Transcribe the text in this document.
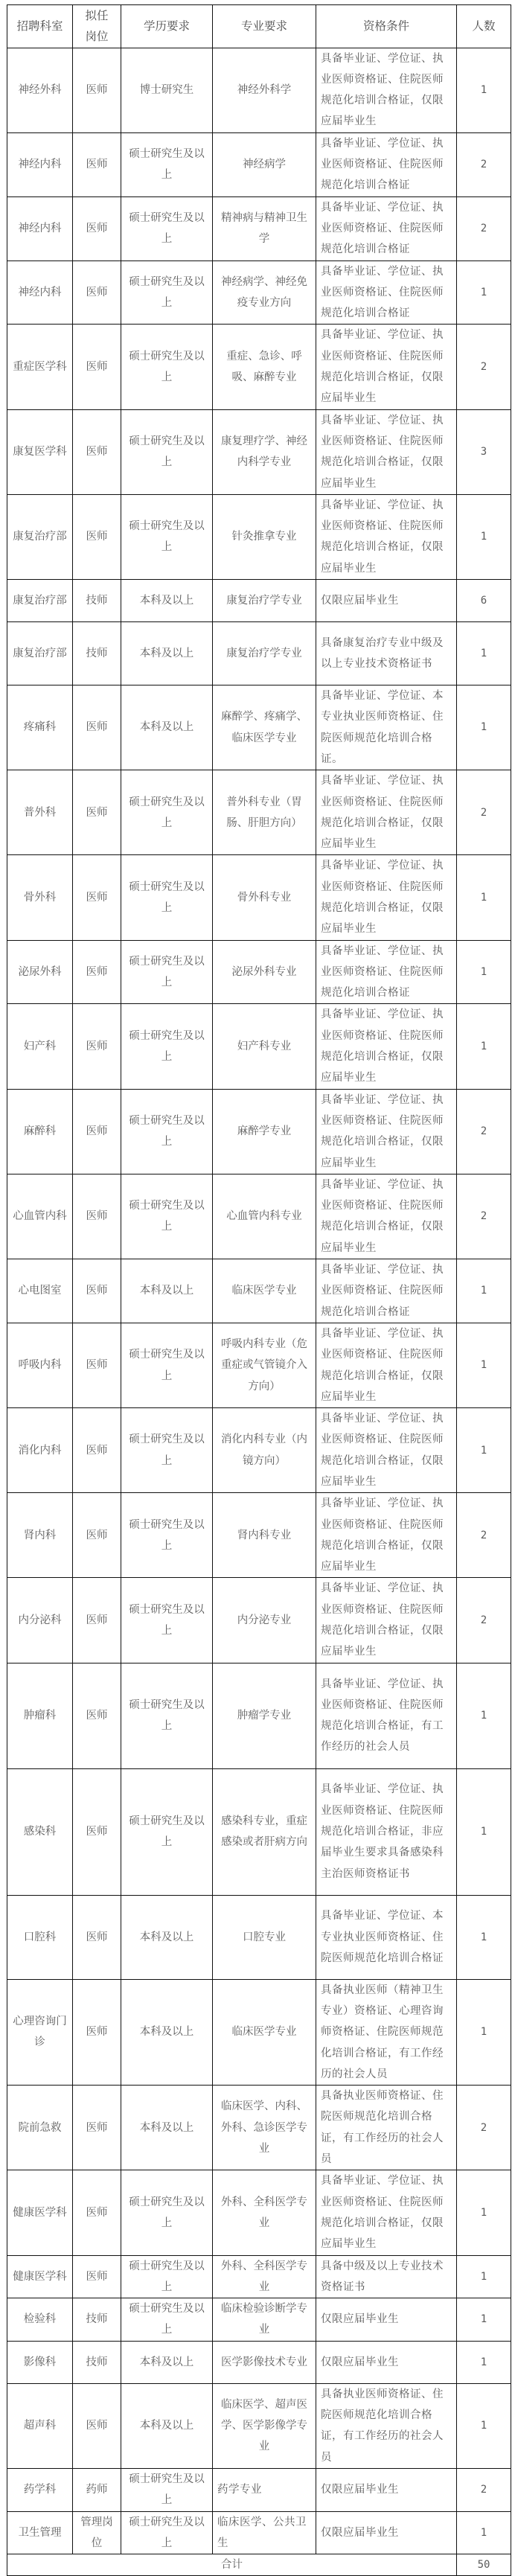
招聘科室	拟任岗位	学历要求	专业要求	资格条件	人数
神经外科	医师	博士研究生	神经外科学	具备毕业证、学位证、执业医师资格证、住院医师规范化培训合格证，仅限应届毕业生	1
神经内科	医师	硕士研究生及以上	神经病学	具备毕业证、学位证、执业医师资格证、住院医师规范化培训合格证	2
神经内科	医师	硕士研究生及以上	精神病与精神卫生学	具备毕业证、学位证、执业医师资格证、住院医师规范化培训合格证	2
神经内科	医师	硕士研究生及以上	神经病学、神经免疫专业方向	具备毕业证、学位证、执业医师资格证、住院医师规范化培训合格证	1
重症医学科	医师	硕士研究生及以上	重症、急诊、呼吸、麻醉专业	具备毕业证、学位证、执业医师资格证、住院医师规范化培训合格证，仅限应届毕业生	2
康复医学科	医师	硕士研究生及以上	康复理疗学、神经内科学专业	具备毕业证、学位证、执业医师资格证、住院医师规范化培训合格证，仅限应届毕业生	3
康复治疗部	医师	硕士研究生及以上	针灸推拿专业	具备毕业证、学位证、执业医师资格证、住院医师规范化培训合格证，仅限应届毕业生	1
康复治疗部	技师	本科及以上	康复治疗学专业	仅限应届毕业生	6
康复治疗部	技师	本科及以上	康复治疗学专业	具备康复治疗专业中级及以上专业技术资格证书	1
疼痛科	医师	本科及以上	麻醉学、疼痛学、临床医学专业	具备毕业证、学位证、本专业执业医师资格证、住院医师规范化培训合格证。	1
普外科	医师	硕士研究生及以上	普外科专业（胃肠、肝胆方向）	具备毕业证、学位证、执业医师资格证、住院医师规范化培训合格证，仅限应届毕业生	2
骨外科	医师	硕士研究生及以上	骨外科专业	具备毕业证、学位证、执业医师资格证、住院医师规范化培训合格证，仅限应届毕业生	1
泌尿外科	医师	硕士研究生及以上	泌尿外科专业	具备毕业证、学位证、执业医师资格证、住院医师规范化培训合格证	1
妇产科	医师	硕士研究生及以上	妇产科专业	具备毕业证、学位证、执业医师资格证、住院医师规范化培训合格证，仅限应届毕业生	1
麻醉科	医师	硕士研究生及以上	麻醉学专业	具备毕业证、学位证、执业医师资格证、住院医师规范化培训合格证，仅限应届毕业生	2
心血管内科	医师	硕士研究生及以上	心血管内科专业	具备毕业证、学位证、执业医师资格证、住院医师规范化培训合格证，仅限应届毕业生	2
心电图室	医师	本科及以上	临床医学专业	具备毕业证、学位证、执业医师资格证、住院医师规范化培训合格证	1
呼吸内科	医师	硕士研究生及以上	呼吸内科专业（危重症或气管镜介入方向）	具备毕业证、学位证、执业医师资格证、住院医师规范化培训合格证，仅限应届毕业生	1
消化内科	医师	硕士研究生及以上	消化内科专业（内镜方向）	具备毕业证、学位证、执业医师资格证、住院医师规范化培训合格证，仅限应届毕业生	1
肾内科	医师	硕士研究生及以上	肾内科专业	具备毕业证、学位证、执业医师资格证、住院医师规范化培训合格证，仅限应届毕业生	2
内分泌科	医师	硕士研究生及以上	内分泌专业	具备毕业证、学位证、执业医师资格证、住院医师规范化培训合格证，仅限应届毕业生	2
肿瘤科	医师	硕士研究生及以上	肿瘤学专业	具备毕业证、学位证、执业医师资格证、住院医师规范化培训合格证，有工作经历的社会人员	1
感染科	医师	硕士研究生及以上	感染科专业，重症感染或者肝病方向	具备毕业证、学位证、执业医师资格证、住院医师规范化培训合格证，非应届毕业生要求具备感染科主治医师资格证书	1
口腔科	医师	本科及以上	口腔专业	具备毕业证、学位证、本专业执业医师资格证、住院医师规范化培训合格证	1
心理咨询门诊	医师	本科及以上	临床医学专业	具备执业医师（精神卫生专业）资格证、心理咨询师资格证、住院医师规范化培训合格证，有工作经历的社会人员	1
院前急救	医师	本科及以上	临床医学、内科、外科、急诊医学专业	具备执业医师资格证、住院医师规范化培训合格证，有工作经历的社会人员	2
健康医学科	医师	硕士研究生及以上	外科、全科医学专业	具备毕业证、学位证、执业医师资格证、住院医师规范化培训合格证，仅限应届毕业生	1
健康医学科	医师	硕士研究生及以上	外科、全科医学专业	具备中级及以上专业技术资格证书	1
检验科	技师	硕士研究生及以上	临床检验诊断学专业	仅限应届毕业生	1
影像科	技师	本科及以上	医学影像技术专业	仅限应届毕业生	1
超声科	医师	本科及以上	临床医学、超声医学、医学影像学专业	具备执业医师资格证、住院医师规范化培训合格证，有工作经历的社会人员	1
药学科	药师	硕士研究生及以上	药学专业	仅限应届毕业生	2
卫生管理	管理岗位	硕士研究生及以上	临床医学、公共卫生	仅限应届毕业生	1
合计					50
